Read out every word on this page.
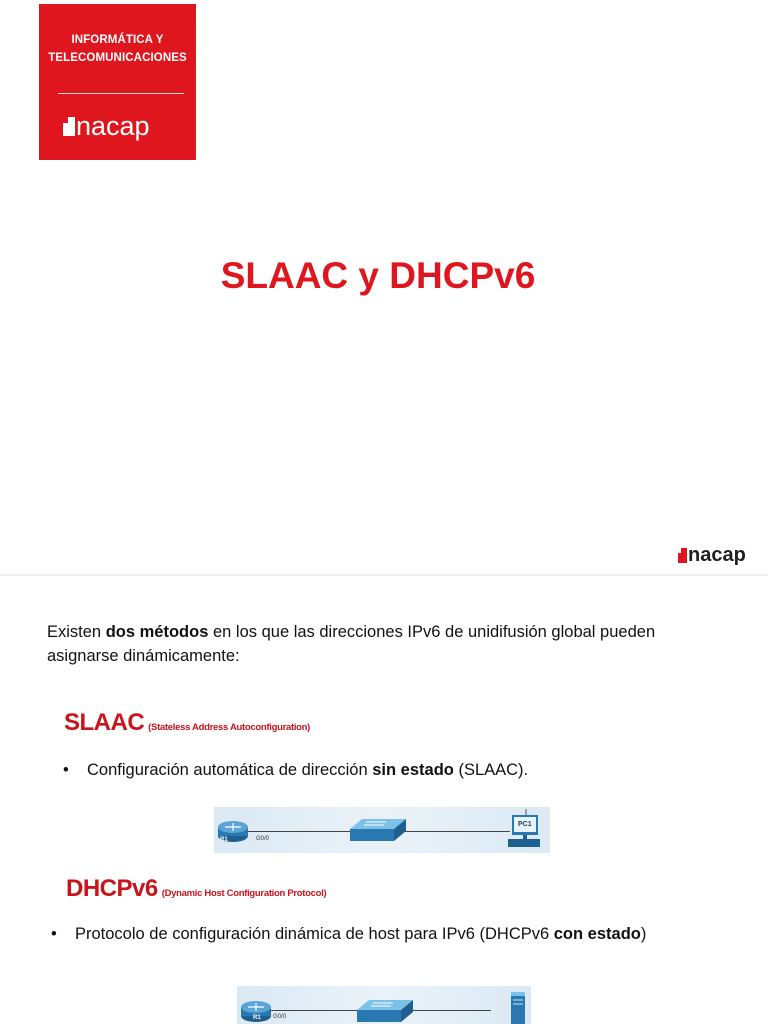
INFORMÁTICA Y TELECOMUNICACIONES
nacap
SLAAC y DHCPv6
nacap
Existen dos métodos en los que las direcciones IPv6 de unidifusión global pueden asignarse dinámicamente:
SLAAC (Stateless Address Autoconfiguration)
• Configuración automática de dirección sin estado (SLAAC).
R1	G0/0
PC1
DHCPv6 (Dynamic Host Configuration Protocol)
• Protocolo de configuración dinámica de host para IPv6 (DHCPv6 con estado)
R1 G0/0
